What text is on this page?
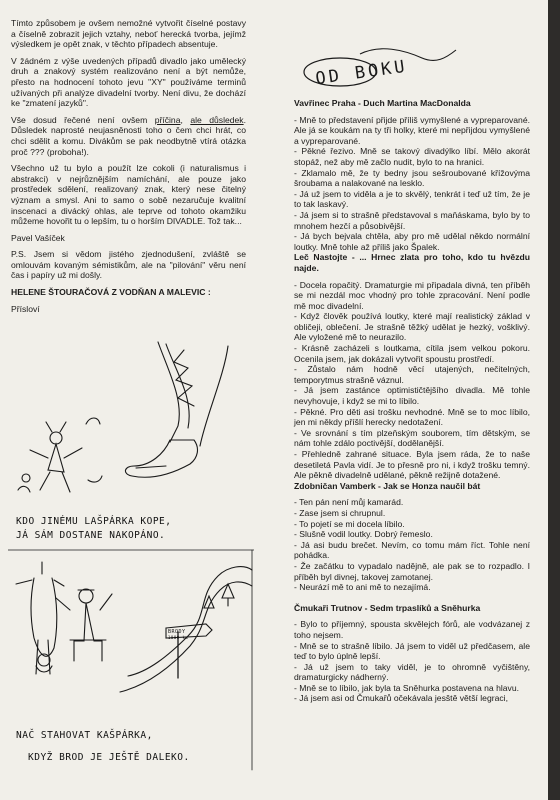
Tímto způsobem je ovšem nemožné vytvořit číselné postavy a číselně zobrazit jejich vztahy, neboť herecká tvorba, jejímž výsledkem je opět znak, v těchto případech absentuje.

V žádném z výše uvedených případů divadlo jako umělecký druh a znakový systém realizováno není a být nemůže, přesto na hodnocení tohoto jevu "XY" používáme terminů užívaných při analýze divadelní tvorby. Není divu, že dochází ke "zmatení jazyků".

Vše dosud řečené není ovšem příčina, ale důsledek. Důsledek naprosté neujasněnosti toho o čem chci hrát, co chci sdělit a komu. Divákům se pak neodbytně vtírá otázka proč ??? (proboha!).

Všechno už tu bylo a použít lze cokoli (i naturalismus i abstrakci) v nejrůznějším namíchání, ale pouze jako prostředek sdělení, realizovaný znak, který nese čitelný význam a smysl. Ani to samo o sobě nezaručuje kvalitní inscenaci a divácký ohlas, ale teprve od tohoto okamžiku můžeme hovořit tu o lepším, tu o horším DIVADLE. Tož tak...

Pavel Vašíček

P.S. Jsem si vědom jistého zjednodušení, zvláště se omlouvám kovaným sémistikům, ale na "pilování" věru není čas i papíry už mi došly.

HELENE ŠTOURAČOVÁ Z VODŇAN A MALEVIC :

Přísloví

KDO JINÉMU LAŠPÁRKA KOPE,
JÁ SÁM DOSTANE NAKOPÁNO.
BRODY
1000 km
NAČ STAHOVAT KAŠPÁRKA,
KDYŽ BROD JE JEŠTĚ DALEKO.
OD BOKU

Vavřinec Praha - Duch Martina MacDonalda

- Mně to představení přijde příliš vymyšlené a vypreparované. Ale já se koukám na ty tři holky, které mi nepřijdou vymyšlené a vypreparované.

- Pěkné řezivo. Mně se takový divadýlko líbí. Mělo akorát stopáž, než aby mě začlo nudit, bylo to na hranici.

- Zklamalo mě, že ty bedny jsou sešroubované křížovýma šroubama a nalakované na lesklo.

- Já už jsem to viděla a je to skvělý, tenkrát i teď už tím, že je to tak laskavý.

- Já jsem si to strašně představoval s maňáskama, bylo by to mnohem hezčí a působivější.

- Já bych bejvala chtěla, aby pro mě udělal někdo normální loutky. Mně tohle až příliš jako Špalek.

Leč Nastojte - ... Hrnec zlata pro toho, kdo tu hvězdu najde.

- Docela ropačitý. Dramaturgie mi připadala divná, ten příběh se mi nezdál moc vhodný pro tohle zpracování. Není podle mě moc divadelní.

- Když člověk používá loutky, které mají realistický základ v obličeji, oblečení. Je strašně těžký udělat je hezký, vošklivý. Ale vyložené mě to neurazilo.

- Krásně zacházeli s loutkama, cítila jsem velkou pokoru. Ocenila jsem, jak dokázali vytvořit spoustu prostředí.

- Zůstalo nám hodně věcí utajených, nečitelných, temporytmus strašně váznul.

- Já jsem zastánce optimističtějšího divadla. Mě tohle nevyhovuje, i když se mi to líbilo.

- Pěkné. Pro děti asi trošku nevhodné. Mně se to moc líbilo, jen mi někdy příšlí herecky nedotažení.

- Ve srovnání s tím plzeňským souborem, tím dětským, se nám tohle zdálo poctivější, dodělanější.

- Přehledně zahrané situace. Byla jsem ráda, že to naše desetiletá Pavla vidí. Je to přesně pro ni, i když trošku temný. Ale pěkně divadelně udělané, pěkně režijně dotažené.

Zdobničan Vamberk - Jak se Honza naučil bát

- Ten pán není můj kamarád.

- Zase jsem si chrupnul.

- To pojetí se mi docela líbilo.

- Slušně vodil loutky. Dobrý řemeslo.

- Já asi budu brečet. Nevím, co tomu mám říct. Tohle není pohádka.

- Že začátku to vypadalo nadějně, ale pak se to rozpadlo. I příběh byl divnej, takovej zamotanej.

- Neurází mě to ani mě to nezajímá.

Čmukaři Trutnov - Sedm trpaslíků a Sněhurka

- Bylo to příjemný, spousta skvělejch fórů, ale vodvázanej z toho nejsem.

- Mně se to strašně líbilo. Já jsem to viděl už předčasem, ale teď to bylo úplně lepší.

- Já už jsem to taky viděl, je to ohromně vyčištěny, dramaturgicky nádherný.

- Mně se to líbilo, jak byla ta Sněhurka postavena na hlavu.

- Já jsem asi od Čmukařů očekávala jesště větší legraci,
